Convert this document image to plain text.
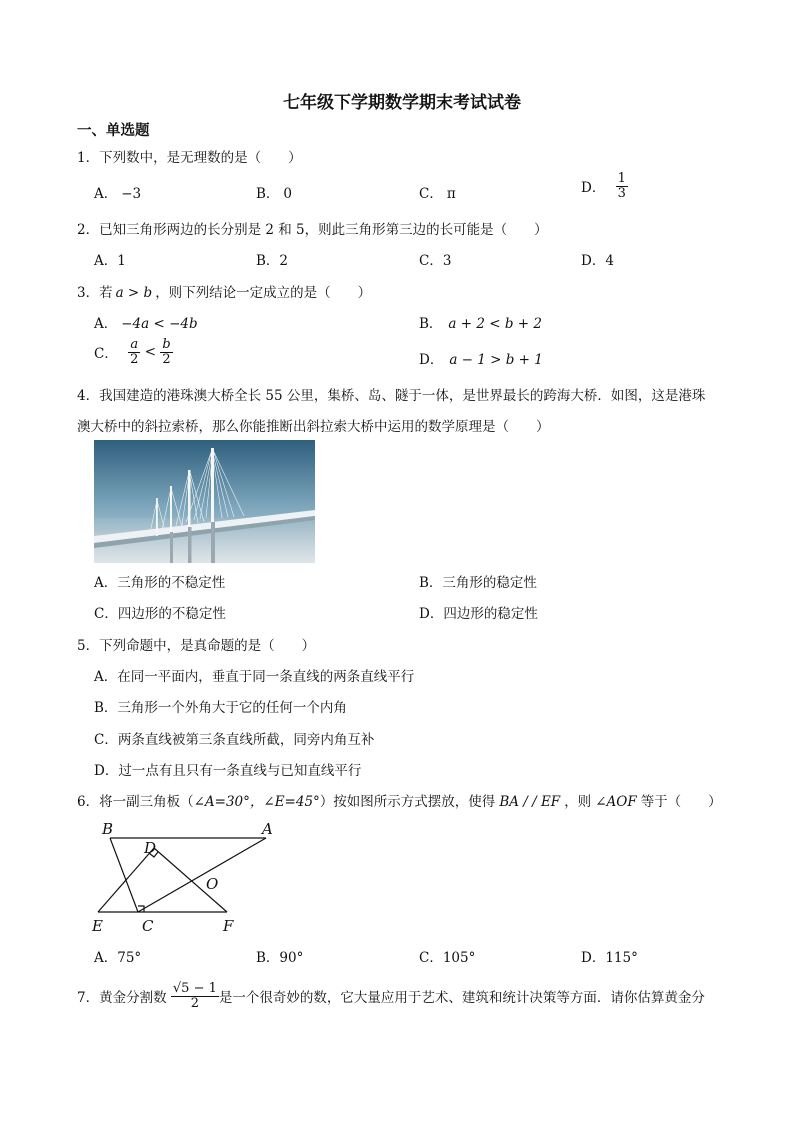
七年级下学期数学期末考试试卷
一、单选题
1．下列数中，是无理数的是（　　）
A． −3	B． 0	C． π	D． $\frac{1}{3}$
2．已知三角形两边的长分别是 2 和 5，则此三角形第三边的长可能是（　　）
A．1	B．2	C．3	D．4
3．若 a > b ，则下列结论一定成立的是（　　）
A． −4a < −4b	B． a + 2 < b + 2
C． $\frac{a}{2} < \frac{b}{2}$	D． a − 1 > b + 1
4．我国建造的港珠澳大桥全长 55 公里，集桥、岛、隧于一体，是世界最长的跨海大桥．如图，这是港珠
澳大桥中的斜拉索桥，那么你能推断出斜拉索大桥中运用的数学原理是（　　）
A．三角形的不稳定性	B．三角形的稳定性
C．四边形的不稳定性	D．四边形的稳定性
5．下列命题中，是真命题的是（　　）
A．在同一平面内，垂直于同一条直线的两条直线平行
B．三角形一个外角大于它的任何一个内角
C．两条直线被第三条直线所截，同旁内角互补
D．过一点有且只有一条直线与已知直线平行
6．将一副三角板（∠A=30°，∠E=45°）按如图所示方式摆放，使得 BA / / EF ，则 ∠AOF 等于（　　）
B	A
D
O
E	C	F
A．75°	B．90°	C．105°	D．115°
7．黄金分割数 $\frac{√5 - 1}{2}$ 是一个很奇妙的数，它大量应用于艺术、建筑和统计决策等方面．请你估算黄金分
